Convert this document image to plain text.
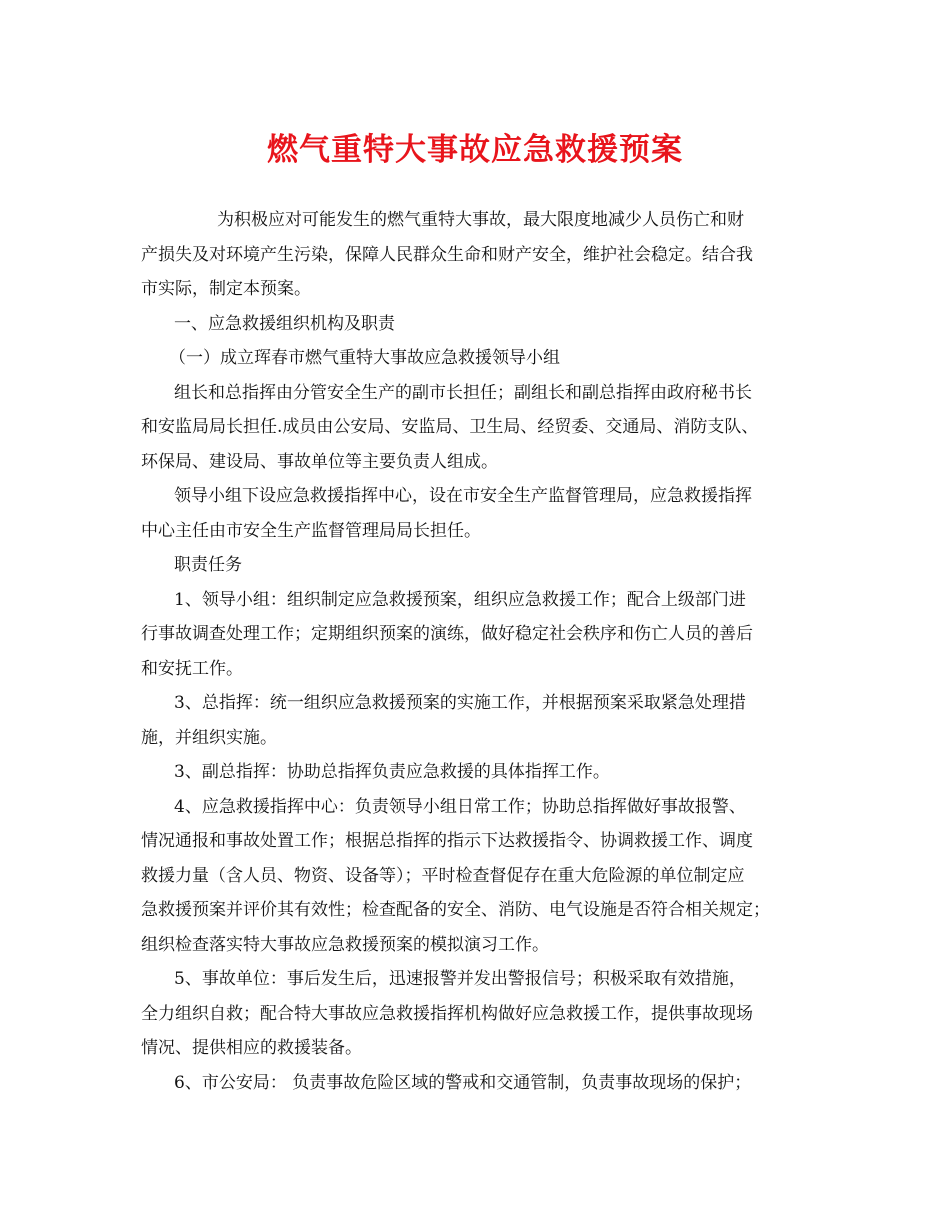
燃气重特大事故应急救援预案
为积极应对可能发生的燃气重特大事故，最大限度地减少人员伤亡和财
产损失及对环境产生污染，保障人民群众生命和财产安全，维护社会稳定。结合我
市实际，制定本预案。
一、应急救援组织机构及职责
（一）成立珲春市燃气重特大事故应急救援领导小组
组长和总指挥由分管安全生产的副市长担任；副组长和副总指挥由政府秘书长
和安监局局长担任.成员由公安局、安监局、卫生局、经贸委、交通局、消防支队、
环保局、建设局、事故单位等主要负责人组成。
领导小组下设应急救援指挥中心，设在市安全生产监督管理局，应急救援指挥
中心主任由市安全生产监督管理局局长担任。
职责任务
1、领导小组：组织制定应急救援预案，组织应急救援工作；配合上级部门进
行事故调查处理工作；定期组织预案的演练，做好稳定社会秩序和伤亡人员的善后
和安抚工作。
3、总指挥：统一组织应急救援预案的实施工作，并根据预案采取紧急处理措
施，并组织实施。
3、副总指挥：协助总指挥负责应急救援的具体指挥工作。
4、应急救援指挥中心：负责领导小组日常工作；协助总指挥做好事故报警、
情况通报和事故处置工作；根据总指挥的指示下达救援指令、协调救援工作、调度
救援力量（含人员、物资、设备等）；平时检查督促存在重大危险源的单位制定应
急救援预案并评价其有效性；检查配备的安全、消防、电气设施是否符合相关规定；
组织检查落实特大事故应急救援预案的模拟演习工作。
5、事故单位：事后发生后，迅速报警并发出警报信号；积极采取有效措施，
全力组织自救；配合特大事故应急救援指挥机构做好应急救援工作，提供事故现场
情况、提供相应的救援装备。
6、市公安局： 负责事故危险区域的警戒和交通管制，负责事故现场的保护；
